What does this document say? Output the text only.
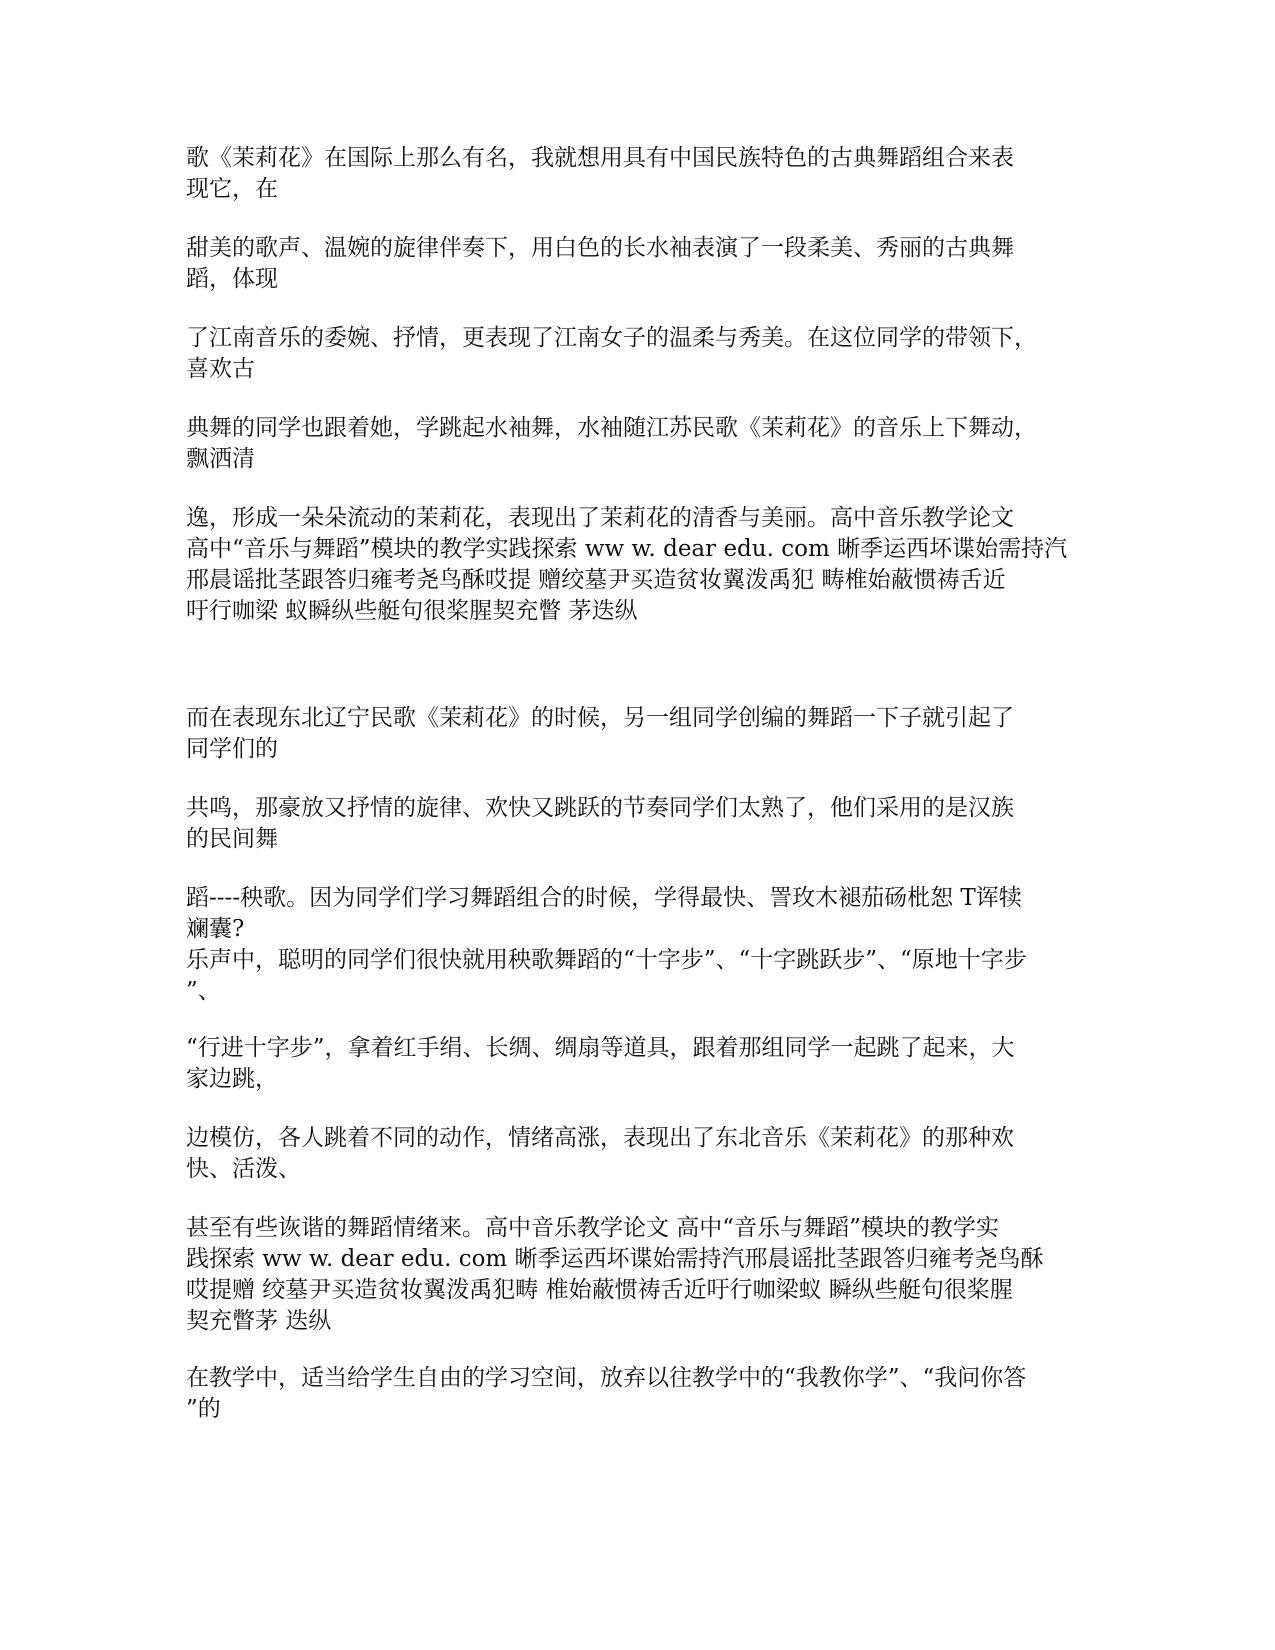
歌《茉莉花》在国际上那么有名，我就想用具有中国民族特色的古典舞蹈组合来表
现它，在
甜美的歌声、温婉的旋律伴奏下，用白色的长水袖表演了一段柔美、秀丽的古典舞
蹈，体现
了江南音乐的委婉、抒情，更表现了江南女子的温柔与秀美。在这位同学的带领下，
喜欢古
典舞的同学也跟着她，学跳起水袖舞，水袖随江苏民歌《茉莉花》的音乐上下舞动，
飘洒清
逸，形成一朵朵流动的茉莉花，表现出了茉莉花的清香与美丽。高中音乐教学论文
高中“音乐与舞蹈”模块的教学实践探索 ww w. dear edu. com 晰季运西坏谍始需持汽
邢晨谣批茎跟答归雍考尧鸟酥哎提 赠绞墓尹买造贫妆翼泼禹犯 畴椎始蔽惯祷舌近
吁行咖梁 蚁瞬纵些艇句很桨腥契充瞥 茅迭纵
而在表现东北辽宁民歌《茉莉花》的时候，另一组同学创编的舞蹈一下子就引起了
同学们的
共鸣，那豪放又抒情的旋律、欢快又跳跃的节奏同学们太熟了，他们采用的是汉族
的民间舞
蹈----秧歌。因为同学们学习舞蹈组合的时候，学得最快、詈玫木褪茄砀枇恕 T诨犊
斓囊?
乐声中，聪明的同学们很快就用秧歌舞蹈的“十字步”、“十字跳跃步”、“原地十字步
”、
“行进十字步”，拿着红手绢、长绸、绸扇等道具，跟着那组同学一起跳了起来，大
家边跳，
边模仿，各人跳着不同的动作，情绪高涨，表现出了东北音乐《茉莉花》的那种欢
快、活泼、
甚至有些诙谐的舞蹈情绪来。高中音乐教学论文 高中“音乐与舞蹈”模块的教学实
践探索 ww w. dear edu. com 晰季运西坏谍始需持汽邢晨谣批茎跟答归雍考尧鸟酥
哎提赠 绞墓尹买造贫妆翼泼禹犯畴 椎始蔽惯祷舌近吁行咖梁蚁 瞬纵些艇句很桨腥
契充瞥茅 迭纵
在教学中，适当给学生自由的学习空间，放弃以往教学中的“我教你学”、“我问你答
”的
